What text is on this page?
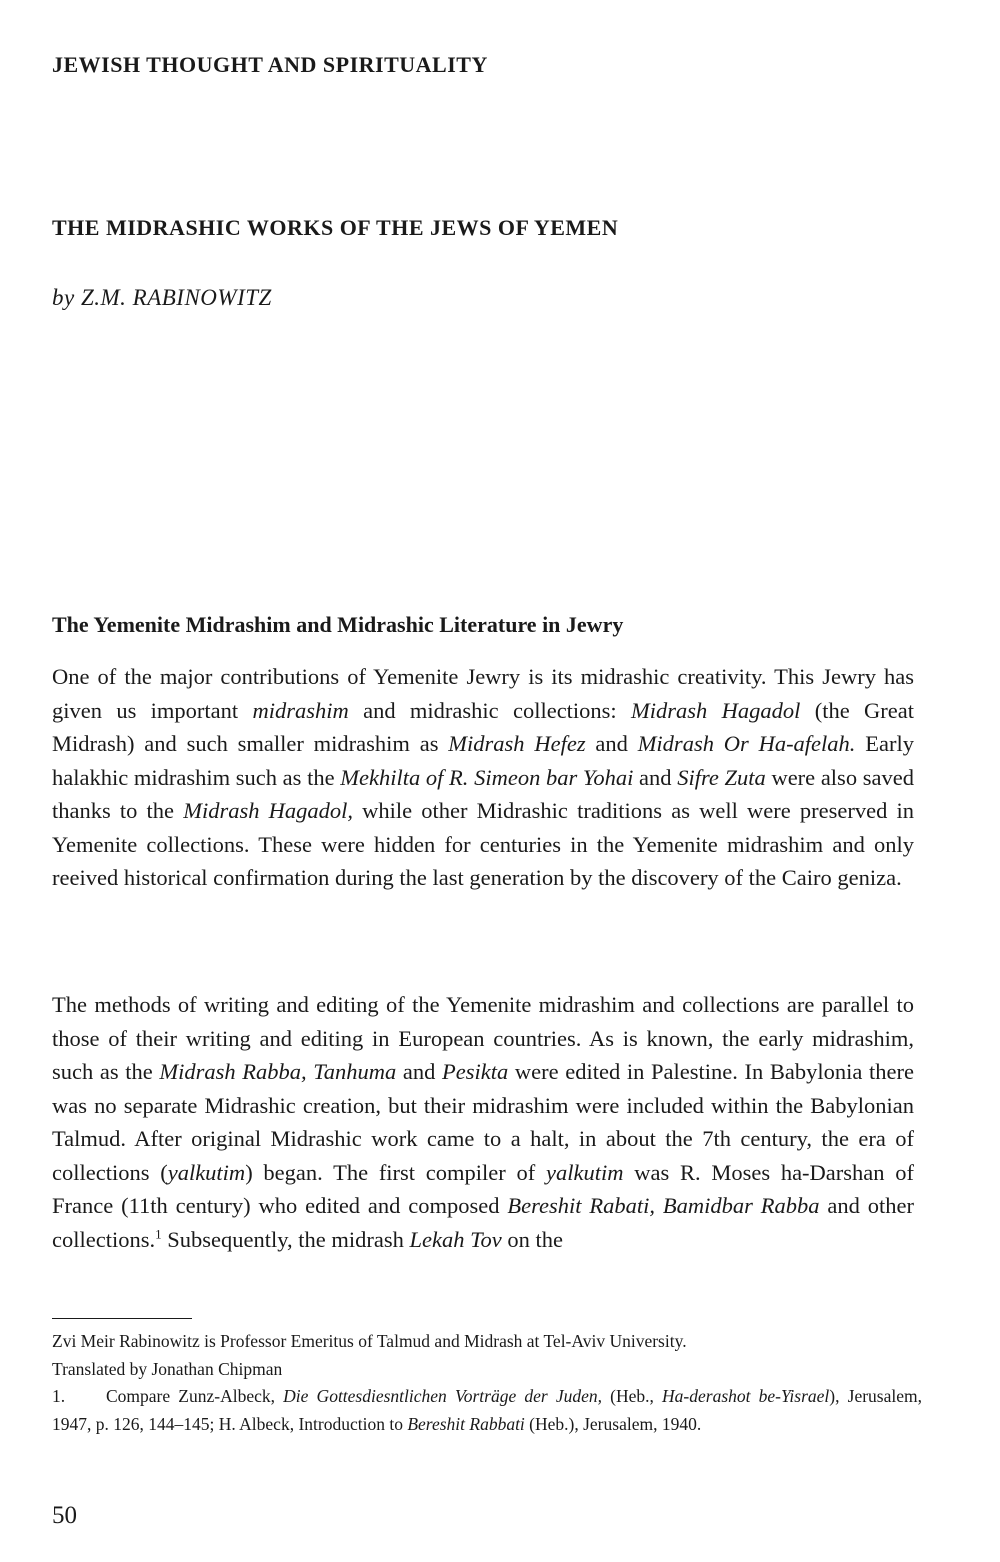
JEWISH THOUGHT AND SPIRITUALITY
THE MIDRASHIC WORKS OF THE JEWS OF YEMEN

by Z.M. RABINOWITZ

The Yemenite Midrashim and Midrashic Literature in Jewry

One of the major contributions of Yemenite Jewry is its midrashic creativity. This Jewry has given us important midrashim and midrashic collections: Midrash Hagadol (the Great Midrash) and such smaller midrashim as Midrash Hefez and Midrash Or Ha-afelah. Early halakhic midrashim such as the Mekhilta of R. Simeon bar Yohai and Sifre Zuta were also saved thanks to the Midrash Hagadol, while other Midrashic traditions as well were preserved in Yemenite collections. These were hidden for centuries in the Yemenite midrashim and only reeived historical confirmation during the last generation by the discovery of the Cairo geniza.

The methods of writing and editing of the Yemenite midrashim and collections are parallel to those of their writing and editing in European countries. As is known, the early midrashim, such as the Midrash Rabba, Tanhuma and Pesikta were edited in Palestine. In Babylonia there was no separate Midrashic creation, but their midrashim were included within the Babylonian Talmud. After original Midrashic work came to a halt, in about the 7th century, the era of collections (yalkutim) began. The first compiler of yalkutim was R. Moses ha-Darshan of France (11th century) who edited and composed Bereshit Rabati, Bamidbar Rabba and other collections.$^1$ Subsequently, the midrash Lekah Tov on the

Zvi Meir Rabinowitz is Professor Emeritus of Talmud and Midrash at Tel-Aviv University.

Translated by Jonathan Chipman

1. Compare Zunz-Albeck, Die Gottesdiesntlichen Vorträge der Juden, (Heb., Ha-derashot be-Yisrael), Jerusalem, 1947, p. 126, 144–145; H. Albeck, Introduction to Bereshit Rabbati (Heb.), Jerusalem, 1940.

50
